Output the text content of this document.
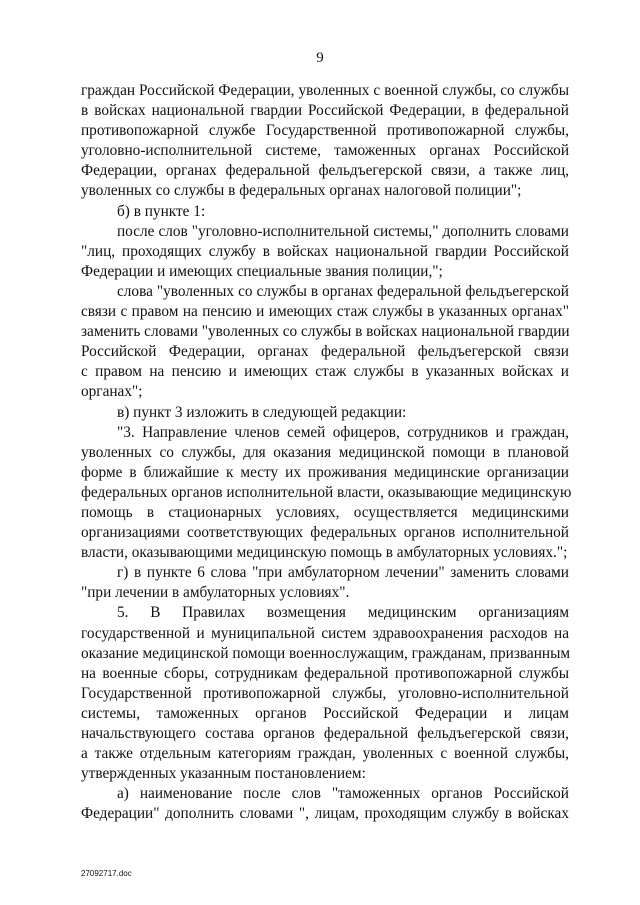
9
граждан Российской Федерации, уволенных с военной службы, со службы
в войсках национальной гвардии Российской Федерации, в федеральной
противопожарной службе Государственной противопожарной службы,
уголовно-исполнительной системе, таможенных органах Российской
Федерации, органах федеральной фельдъегерской связи, а также лиц,
уволенных со службы в федеральных органах налоговой полиции";
б) в пункте 1:
после слов "уголовно-исполнительной системы," дополнить словами
"лиц, проходящих службу в войсках национальной гвардии Российской
Федерации и имеющих специальные звания полиции,";
слова "уволенных со службы в органах федеральной фельдъегерской
связи с правом на пенсию и имеющих стаж службы в указанных органах"
заменить словами "уволенных со службы в войсках национальной гвардии
Российской Федерации, органах федеральной фельдъегерской связи
с правом на пенсию и имеющих стаж службы в указанных войсках и
органах";
в) пункт 3 изложить в следующей редакции:
"3. Направление членов семей офицеров, сотрудников и граждан,
уволенных со службы, для оказания медицинской помощи в плановой
форме в ближайшие к месту их проживания медицинские организации
федеральных органов исполнительной власти, оказывающие медицинскую
помощь в стационарных условиях, осуществляется медицинскими
организациями соответствующих федеральных органов исполнительной
власти, оказывающими медицинскую помощь в амбулаторных условиях.";
г) в пункте 6 слова "при амбулаторном лечении" заменить словами
"при лечении в амбулаторных условиях".
5. В Правилах возмещения медицинским организациям
государственной и муниципальной систем здравоохранения расходов на
оказание медицинской помощи военнослужащим, гражданам, призванным
на военные сборы, сотрудникам федеральной противопожарной службы
Государственной противопожарной службы, уголовно-исполнительной
системы, таможенных органов Российской Федерации и лицам
начальствующего состава органов федеральной фельдъегерской связи,
а также отдельным категориям граждан, уволенных с военной службы,
утвержденных указанным постановлением:
а) наименование после слов "таможенных органов Российской
Федерации" дополнить словами ", лицам, проходящим службу в войсках
27092717.doc
